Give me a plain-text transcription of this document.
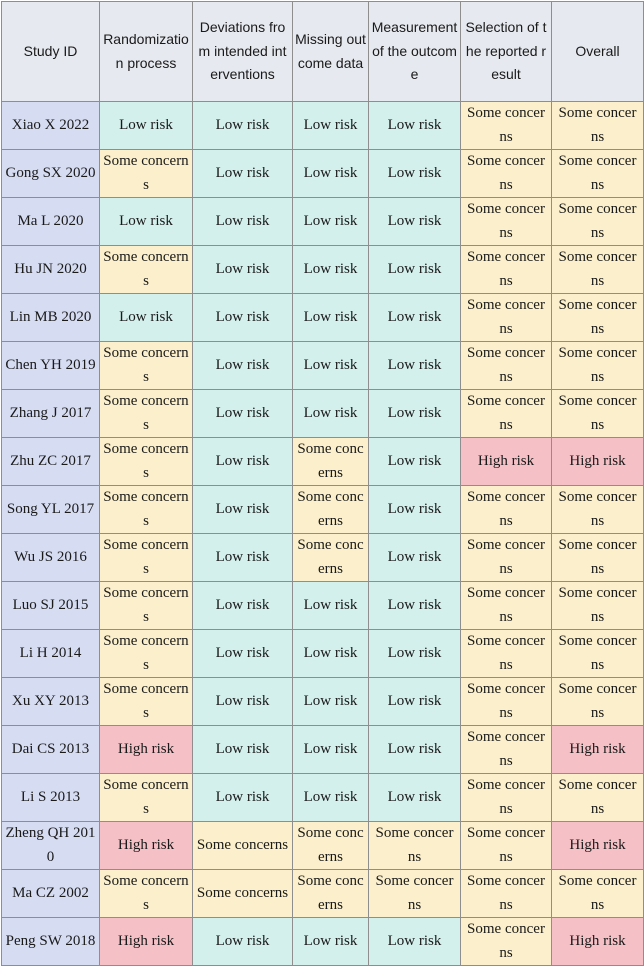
Study ID	Randomization process	Deviations from intended interventions	Missing outcome data	Measurement of the outcome	Selection of the reported result	Overall
Xiao X 2022	Low risk	Low risk	Low risk	Low risk	Some concerns	Some concerns
Gong SX 2020	Some concerns	Low risk	Low risk	Low risk	Some concerns	Some concerns
Ma L 2020	Low risk	Low risk	Low risk	Low risk	Some concerns	Some concerns
Hu JN 2020	Some concerns	Low risk	Low risk	Low risk	Some concerns	Some concerns
Lin MB 2020	Low risk	Low risk	Low risk	Low risk	Some concerns	Some concerns
Chen YH 2019	Some concerns	Low risk	Low risk	Low risk	Some concerns	Some concerns
Zhang J 2017	Some concerns	Low risk	Low risk	Low risk	Some concerns	Some concerns
Zhu ZC 2017	Some concerns	Low risk	Some concerns	Low risk	High risk	High risk
Song YL 2017	Some concerns	Low risk	Some concerns	Low risk	Some concerns	Some concerns
Wu JS 2016	Some concerns	Low risk	Some concerns	Low risk	Some concerns	Some concerns
Luo SJ 2015	Some concerns	Low risk	Low risk	Low risk	Some concerns	Some concerns
Li H 2014	Some concerns	Low risk	Low risk	Low risk	Some concerns	Some concerns
Xu XY 2013	Some concerns	Low risk	Low risk	Low risk	Some concerns	Some concerns
Dai CS 2013	High risk	Low risk	Low risk	Low risk	Some concerns	High risk
Li S 2013	Some concerns	Low risk	Low risk	Low risk	Some concerns	Some concerns
Zheng QH 2010	High risk	Some concerns	Some concerns	Some concerns	Some concerns	High risk
Ma CZ 2002	Some concerns	Some concerns	Some concerns	Some concerns	Some concerns	Some concerns
Peng SW 2018	High risk	Low risk	Low risk	Low risk	Some concerns	High risk
